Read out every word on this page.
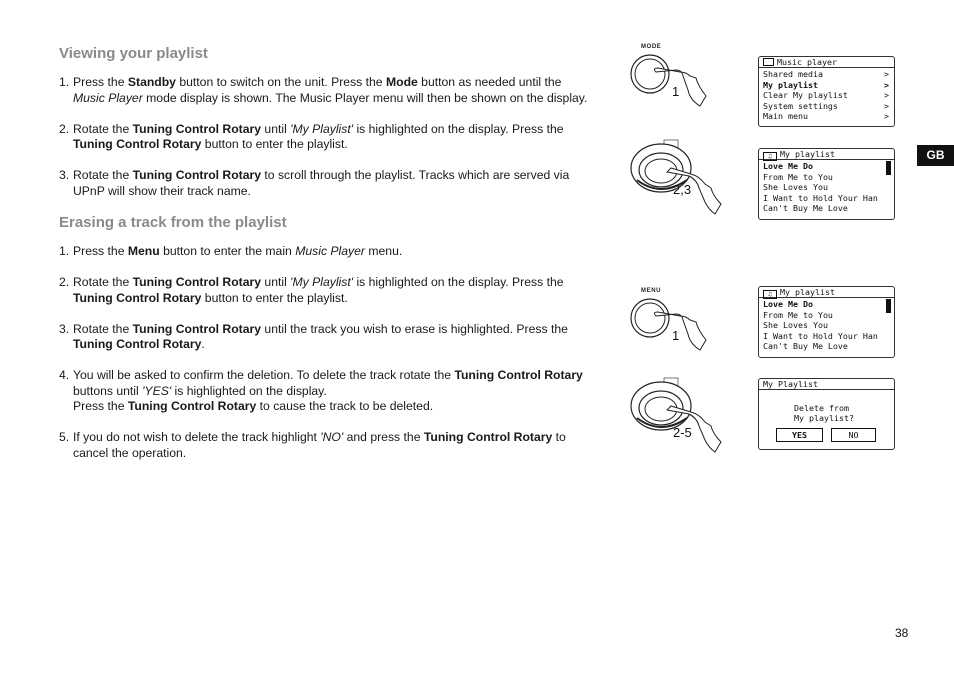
Viewing your playlist
1. Press the Standby button to switch on the unit. Press the Mode button as needed until the
Music Player mode display is shown. The Music Player menu will then be shown on the display.
2. Rotate the Tuning Control Rotary until 'My Playlist' is highlighted on the display. Press the
Tuning Control Rotary button to enter the playlist.
3. Rotate the Tuning Control Rotary to scroll through the playlist. Tracks which are served via
UPnP will show their track name.
Erasing a track from the playlist
1. Press the Menu button to enter the main Music Player menu.
2. Rotate the Tuning Control Rotary until 'My Playlist' is highlighted on the display. Press the
Tuning Control Rotary button to enter the playlist.
3. Rotate the Tuning Control Rotary until the track you wish to erase is highlighted. Press the
Tuning Control Rotary.
4. You will be asked to confirm the deletion. To delete the track rotate the Tuning Control Rotary
buttons until 'YES' is highlighted on the display.
Press the Tuning Control Rotary to cause the track to be deleted.
5. If you do not wish to delete the track highlight 'NO' and press the Tuning Control Rotary to
cancel the operation.
MODE
1
2,3
MENU
1
2-5
Music player
Shared media	>
My playlist	>
Clear My playlist	>
System settings	>
Main menu	>
♫ My playlist
Love Me Do
From Me to You
She Loves You
I Want to Hold Your Han
Can't Buy Me Love
♫ My playlist
Love Me Do
From Me to You
She Loves You
I Want to Hold Your Han
Can't Buy Me Love
My Playlist
Delete from
My playlist?
YES	NO
GB
38
